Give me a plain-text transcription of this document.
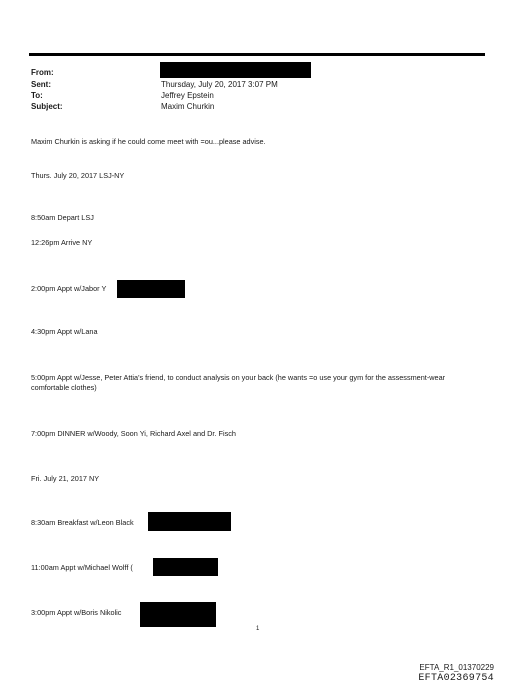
From:
Sent:	Thursday, July 20, 2017 3:07 PM
To:	Jeffrey Epstein
Subject:	Maxim Churkin
Maxim Churkin is asking if he could come meet with =ou...please advise.
Thurs. July 20, 2017 LSJ-NY
8:50am Depart LSJ
12:26pm Arrive NY
2:00pm Appt w/Jabor Y
4:30pm Appt w/Lana
5:00pm Appt w/Jesse, Peter Attia's friend, to conduct analysis on your back (he wants =o use your gym for the assessment-wear comfortable clothes)
7:00pm DINNER w/Woody, Soon Yi, Richard Axel and Dr. Fisch
Fri. July 21, 2017 NY
8:30am Breakfast w/Leon Black
11:00am Appt w/Michael Wolff (
3:00pm Appt w/Boris Nikolic
1
EFTA_R1_01370229
EFTA02369754
